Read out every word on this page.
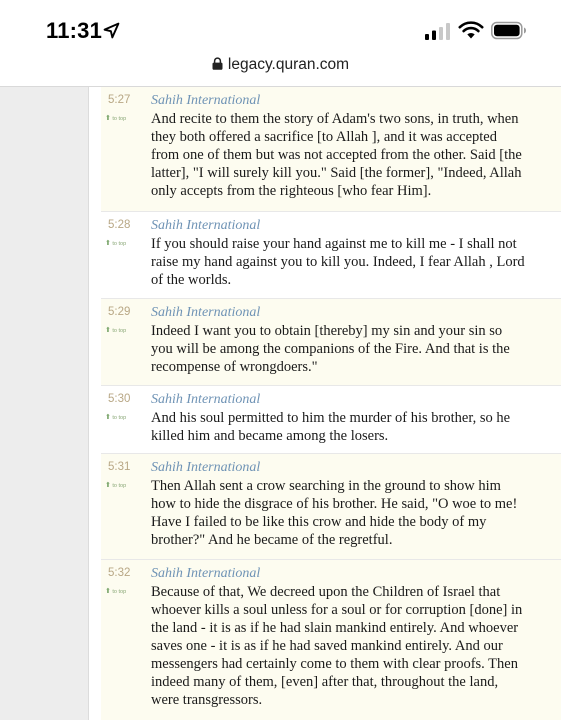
11:31
legacy.quran.com
5:27
⬆ to top
Sahih International

And recite to them the story of Adam's two sons, in truth, when
they both offered a sacrifice [to Allah ], and it was accepted
from one of them but was not accepted from the other. Said [the
latter], "I will surely kill you." Said [the former], "Indeed, Allah
only accepts from the righteous [who fear Him].

5:28
⬆ to top
Sahih International

If you should raise your hand against me to kill me - I shall not
raise my hand against you to kill you. Indeed, I fear Allah , Lord
of the worlds.

5:29
⬆ to top
Sahih International

Indeed I want you to obtain [thereby] my sin and your sin so
you will be among the companions of the Fire. And that is the
recompense of wrongdoers."

5:30
⬆ to top
Sahih International

And his soul permitted to him the murder of his brother, so he
killed him and became among the losers.

5:31
⬆ to top
Sahih International

Then Allah sent a crow searching in the ground to show him
how to hide the disgrace of his brother. He said, "O woe to me!
Have I failed to be like this crow and hide the body of my
brother?" And he became of the regretful.

5:32
⬆ to top
Sahih International

Because of that, We decreed upon the Children of Israel that
whoever kills a soul unless for a soul or for corruption [done] in
the land - it is as if he had slain mankind entirely. And whoever
saves one - it is as if he had saved mankind entirely. And our
messengers had certainly come to them with clear proofs. Then
indeed many of them, [even] after that, throughout the land,
were transgressors.
